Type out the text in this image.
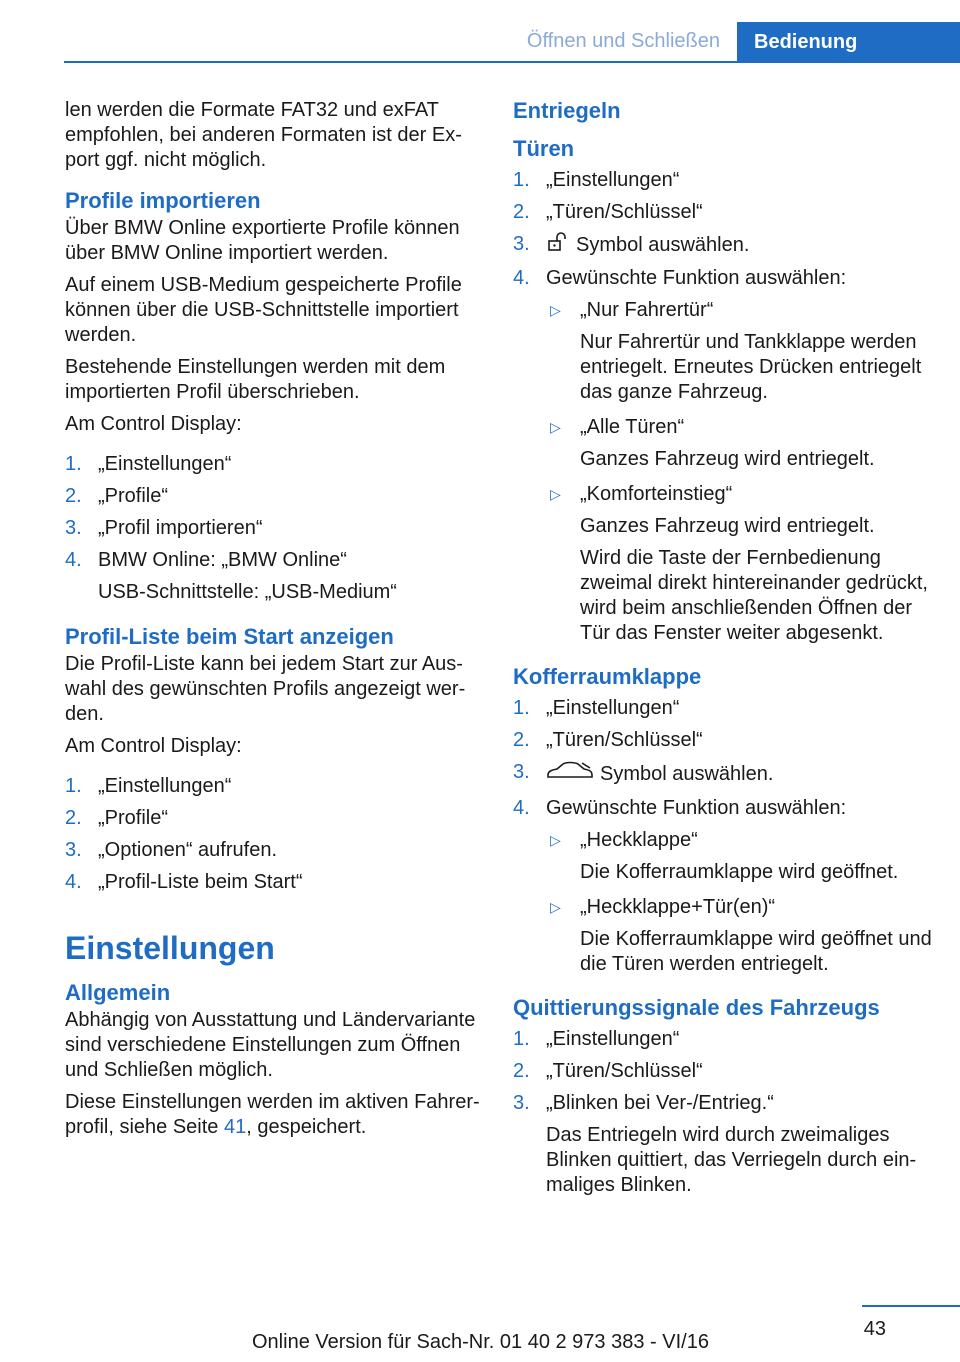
Öffnen und Schließen Bedienung

len werden die Formate FAT32 und exFAT empfohlen, bei anderen Formaten ist der Export ggf. nicht möglich.

Profile importieren

Über BMW Online exportierte Profile können über BMW Online importiert werden.

Auf einem USB-Medium gespeicherte Profile können über die USB-Schnittstelle importiert werden.

Bestehende Einstellungen werden mit dem importierten Profil überschrieben.

Am Control Display:

1. „Einstellungen“
2. „Profile“
3. „Profil importieren“
4. BMW Online: „BMW Online“
USB-Schnittstelle: „USB-Medium“
Profil-Liste beim Start anzeigen

Die Profil-Liste kann bei jedem Start zur Auswahl des gewünschten Profils angezeigt werden.

Am Control Display:

1. „Einstellungen“
2. „Profile“
3. „Optionen“ aufrufen.
4. „Profil-Liste beim Start“
Einstellungen
Allgemein

Abhängig von Ausstattung und Ländervariante sind verschiedene Einstellungen zum Öffnen und Schließen möglich.

Diese Einstellungen werden im aktiven Fahrerprofil, siehe Seite 41, gespeichert.

Entriegeln
Türen
1. „Einstellungen“
2. „Türen/Schlüssel“
3. Symbol auswählen.
4. Gewünschte Funktion auswählen:
▷ „Nur Fahrertür“
Nur Fahrertür und Tankklappe werden entriegelt. Erneutes Drücken entriegelt das ganze Fahrzeug.
▷ „Alle Türen“
Ganzes Fahrzeug wird entriegelt.
▷ „Komforteinstieg“
Ganzes Fahrzeug wird entriegelt.
Wird die Taste der Fernbedienung zweimal direkt hintereinander gedrückt, wird beim anschließenden Öffnen der Tür das Fenster weiter abgesenkt.
Kofferraumklappe
1. „Einstellungen“
2. „Türen/Schlüssel“
3.	Symbol auswählen.
4. Gewünschte Funktion auswählen:
▷ „Heckklappe“
Die Kofferraumklappe wird geöffnet.
▷ „Heckklappe+Tür(en)“
Die Kofferraumklappe wird geöffnet und die Türen werden entriegelt.
Quittierungssignale des Fahrzeugs
1. „Einstellungen“
2. „Türen/Schlüssel“
3. „Blinken bei Ver-/Entrieg.“
Das Entriegeln wird durch zweimaliges Blinken quittiert, das Verriegeln durch einmaliges Blinken.
43
Online Version für Sach-Nr. 01 40 2 973 383 - VI/16
